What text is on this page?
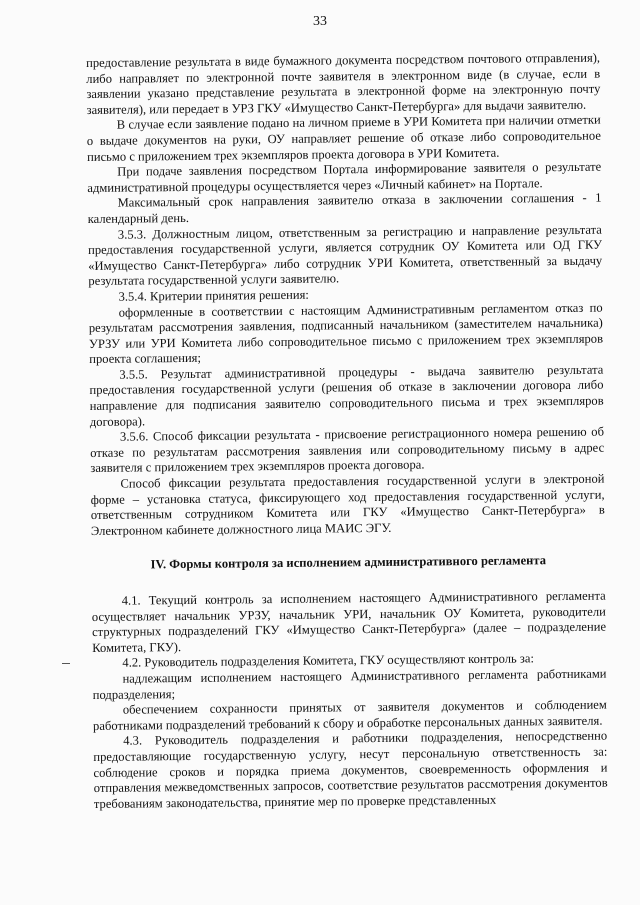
33

предоставление результата в виде бумажного документа посредством почтового отправления), либо направляет по электронной почте заявителя в электронном виде (в случае, если в заявлении указано представление результата в электронной форме на электронную почту заявителя), или передает в УРЗ ГКУ «Имущество Санкт-Петербурга» для выдачи заявителю.

В случае если заявление подано на личном приеме в УРИ Комитета при наличии отметки о выдаче документов на руки, ОУ направляет решение об отказе либо сопроводительное письмо с приложением трех экземпляров проекта договора в УРИ Комитета.

При подаче заявления посредством Портала информирование заявителя о результате административной процедуры осуществляется через «Личный кабинет» на Портале.

Максимальный срок направления заявителю отказа в заключении соглашения - 1 календарный день.

3.5.3. Должностным лицом, ответственным за регистрацию и направление результата предоставления государственной услуги, является сотрудник ОУ Комитета или ОД ГКУ «Имущество Санкт-Петербурга» либо сотрудник УРИ Комитета, ответственный за выдачу результата государственной услуги заявителю.

3.5.4. Критерии принятия решения:

оформленные в соответствии с настоящим Административным регламентом отказ по результатам рассмотрения заявления, подписанный начальником (заместителем начальника) УРЗУ или УРИ Комитета либо сопроводительное письмо с приложением трех экземпляров проекта соглашения;

3.5.5. Результат административной процедуры - выдача заявителю результата предоставления государственной услуги (решения об отказе в заключении договора либо направление для подписания заявителю сопроводительного письма и трех экземпляров договора).

3.5.6. Способ фиксации результата - присвоение регистрационного номера решению об отказе по результатам рассмотрения заявления или сопроводительному письму в адрес заявителя с приложением трех экземпляров проекта договора.

Способ фиксации результата предоставления государственной услуги в электроной форме – установка статуса, фиксирующего ход предоставления государственной услуги, ответственным сотрудником Комитета или ГКУ «Имущество Санкт-Петербурга» в Электронном кабинете должностного лица МАИС ЭГУ.

IV. Формы контроля за исполнением административного регламента

4.1. Текущий контроль за исполнением настоящего Административного регламента осуществляет начальник УРЗУ, начальник УРИ, начальник ОУ Комитета, руководители структурных подразделений ГКУ «Имущество Санкт-Петербурга» (далее – подразделение Комитета, ГКУ).

4.2. Руководитель подразделения Комитета, ГКУ осуществляют контроль за:

надлежащим исполнением настоящего Административного регламента работниками подразделения;

обеспечением сохранности принятых от заявителя документов и соблюдением работниками подразделений требований к сбору и обработке персональных данных заявителя.

4.3. Руководитель подразделения и работники подразделения, непосредственно предоставляющие государственную услугу, несут персональную ответственность за: соблюдение сроков и порядка приема документов, своевременность оформления и отправления межведомственных запросов, соответствие результатов рассмотрения документов требованиям законодательства, принятие мер по проверке представленных
